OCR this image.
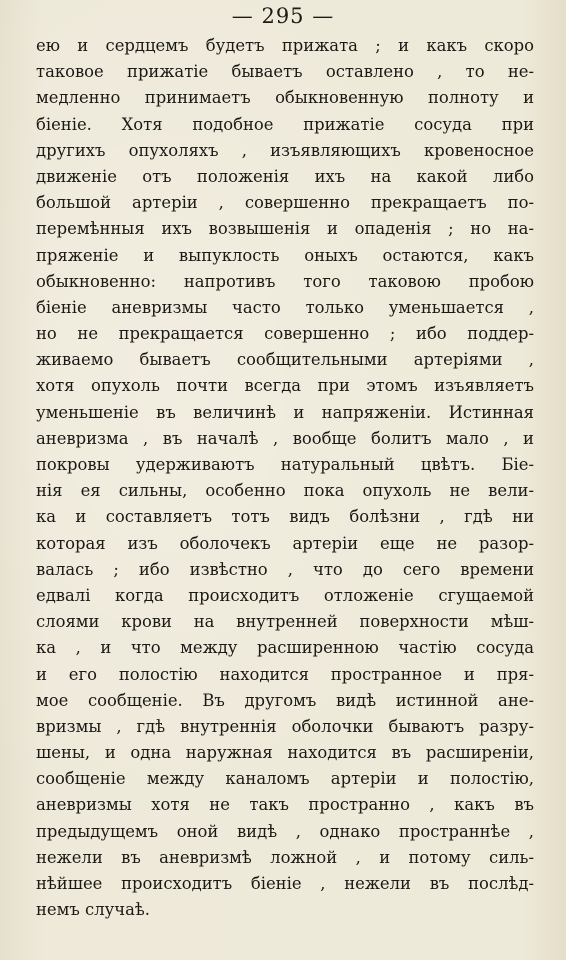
— 295 —
ею и сердцемъ будетъ прижата ; и какъ скоро
таковое прижатіе бываетъ оставлено , то не-
медленно принимаетъ обыкновенную полноту и
біеніе. Хотя подобное прижатіе сосуда при
другихъ опухоляхъ , изъявляющихъ кровеносное
движеніе отъ положенія ихъ на какой либо
большой артеріи , совершенно прекращаетъ по-
перемѣнныя ихъ возвышенія и опаденія ; но на-
пряженіе и выпуклость оныхъ остаются, какъ
обыкновенно: напротивъ того таковою пробою
біеніе аневризмы часто только уменьшается ,
но не прекращается совершенно ; ибо поддер-
живаемо бываетъ сообщительными артеріями ,
хотя опухоль почти всегда при этомъ изъявляетъ
уменьшеніе въ величинѣ и напряженіи. Истинная
аневризма , въ началѣ , вообще болитъ мало , и
покровы удерживаютъ натуральный цвѣтъ. Біе-
нія ея сильны, особенно пока опухоль не вели-
ка и составляетъ тотъ видъ болѣзни , гдѣ ни
которая изъ оболочекъ артеріи еще не разор-
валась ; ибо извѣстно , что до сего времени
едвалі когда происходитъ отложеніе сгущаемой
слоями крови на внутренней поверхности мѣш-
ка , и что между расширенною частію сосуда
и его полостію находится пространное и пря-
мое сообщеніе. Въ другомъ видѣ истинной ане-
вризмы , гдѣ внутреннія оболочки бываютъ разру-
шены, и одна наружная находится въ расширеніи,
сообщеніе между каналомъ артеріи и полостію,
аневризмы хотя не такъ пространно , какъ въ
предыдущемъ оной видѣ , однако пространнѣе ,
нежели въ аневризмѣ ложной , и потому силь-
нѣйшее происходитъ біеніе , нежели въ послѣд-
немъ случаѣ.
